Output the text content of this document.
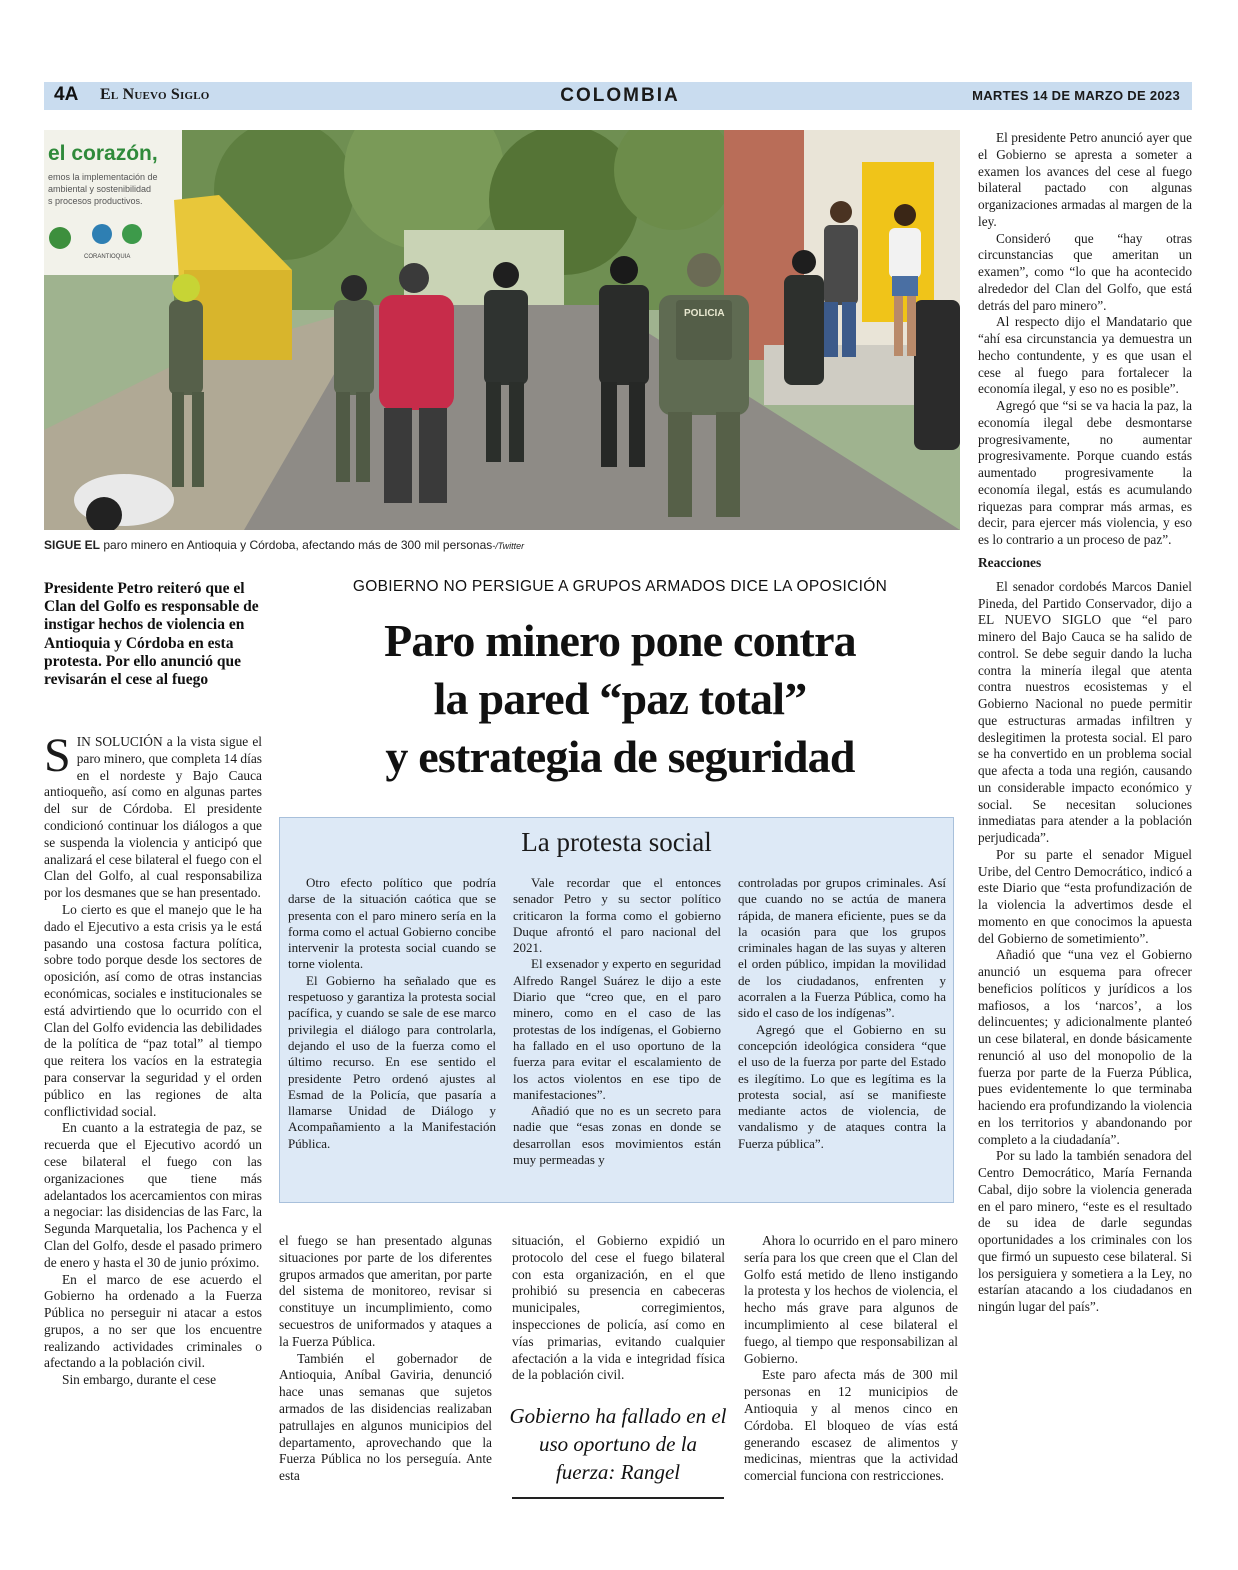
4A El Nuevo Siglo	COLOMBIA	MARTES 14 DE MARZO DE 2023
el corazón,
emos la implementación de
ambiental y sostenibilidad
s procesos productivos.
CORANTIOQUIA
POLICIA
SIGUE EL paro minero en Antioquia y Córdoba, afectando más de 300 mil personas-/Twitter
Presidente Petro reiteró que el Clan del Golfo es responsable de instigar hechos de violencia en Antioquia y Córdoba en esta protesta. Por ello anunció que revisarán el cese al fuego
GOBIERNO NO PERSIGUE A GRUPOS ARMADOS DICE LA OPOSICIÓN
Paro minero pone contra
la pared “paz total”
y estrategia de seguridad

SIN SOLUCIÓN a la vista sigue el paro minero, que completa 14 días en el nordeste y Bajo Cauca antioqueño, así como en algunas partes del sur de Córdoba. El presidente condicionó continuar los diálogos a que se suspenda la violencia y anticipó que analizará el cese bilateral el fuego con el Clan del Golfo, al cual responsabiliza por los desmanes que se han presentado.

Lo cierto es que el manejo que le ha dado el Ejecutivo a esta crisis ya le está pasando una costosa factura política, sobre todo porque desde los sectores de oposición, así como de otras instancias económicas, sociales e institucionales se está advirtiendo que lo ocurrido con el Clan del Golfo evidencia las debilidades de la política de “paz total” al tiempo que reitera los vacíos en la estrategia para conservar la seguridad y el orden público en las regiones de alta conflictividad social.

En cuanto a la estrategia de paz, se recuerda que el Ejecutivo acordó un cese bilateral el fuego con las organizaciones que tiene más adelantados los acercamientos con miras a negociar: las disidencias de las Farc, la Segunda Marquetalia, los Pachenca y el Clan del Golfo, desde el pasado primero de enero y hasta el 30 de junio próximo.

En el marco de ese acuerdo el Gobierno ha ordenado a la Fuerza Pública no perseguir ni atacar a estos grupos, a no ser que los encuentre realizando actividades criminales o afectando a la población civil.

Sin embargo, durante el cese

La protesta social

Otro efecto político que podría darse de la situación caótica que se presenta con el paro minero sería en la forma como el actual Gobierno concibe intervenir la protesta social cuando se torne violenta.

El Gobierno ha señalado que es respetuoso y garantiza la protesta social pacífica, y cuando se sale de ese marco privilegia el diálogo para controlarla, dejando el uso de la fuerza como el último recurso. En ese sentido el presidente Petro ordenó ajustes al Esmad de la Policía, que pasaría a llamarse Unidad de Diálogo y Acompañamiento a la Manifestación Pública.

Vale recordar que el entonces senador Petro y su sector político criticaron la forma como el gobierno Duque afrontó el paro nacional del 2021.

El exsenador y experto en seguridad Alfredo Rangel Suárez le dijo a este Diario que “creo que, en el paro minero, como en el caso de las protestas de los indígenas, el Gobierno ha fallado en el uso oportuno de la fuerza para evitar el escalamiento de los actos violentos en ese tipo de manifestaciones”.

Añadió que no es un secreto para nadie que “esas zonas en donde se desarrollan esos movimientos están muy permeadas y

controladas por grupos criminales. Así que cuando no se actúa de manera rápida, de manera eficiente, pues se da la ocasión para que los grupos criminales hagan de las suyas y alteren el orden público, impidan la movilidad de los ciudadanos, enfrenten y acorralen a la Fuerza Pública, como ha sido el caso de los indígenas”.

Agregó que el Gobierno en su concepción ideológica considera “que el uso de la fuerza por parte del Estado es ilegítimo. Lo que es legítima es la protesta social, así se manifieste mediante actos de violencia, de vandalismo y de ataques contra la Fuerza pública”.

el fuego se han presentado algunas situaciones por parte de los diferentes grupos armados que ameritan, por parte del sistema de monitoreo, revisar si constituye un incumplimiento, como secuestros de uniformados y ataques a la Fuerza Pública.

También el gobernador de Antioquia, Aníbal Gaviria, denunció hace unas semanas que sujetos armados de las disidencias realizaban patrullajes en algunos municipios del departamento, aprovechando que la Fuerza Pública no los perseguía. Ante esta

situación, el Gobierno expidió un protocolo del cese el fuego bilateral con esta organización, en el que prohibió su presencia en cabeceras municipales, corregimientos, inspecciones de policía, así como en vías primarias, evitando cualquier afectación a la vida e integridad física de la población civil.

Gobierno ha fallado en el uso oportuno de la fuerza: Rangel

Ahora lo ocurrido en el paro minero sería para los que creen que el Clan del Golfo está metido de lleno instigando la protesta y los hechos de violencia, el hecho más grave para algunos de incumplimiento al cese bilateral el fuego, al tiempo que responsabilizan al Gobierno.

Este paro afecta más de 300 mil personas en 12 municipios de Antioquia y al menos cinco en Córdoba. El bloqueo de vías está generando escasez de alimentos y medicinas, mientras que la actividad comercial funciona con restricciones.

El presidente Petro anunció ayer que el Gobierno se apresta a someter a examen los avances del cese al fuego bilateral pactado con algunas organizaciones armadas al margen de la ley.

Consideró que “hay otras circunstancias que ameritan un examen”, como “lo que ha acontecido alrededor del Clan del Golfo, que está detrás del paro minero”.

Al respecto dijo el Mandatario que “ahí esa circunstancia ya demuestra un hecho contundente, y es que usan el cese al fuego para fortalecer la economía ilegal, y eso no es posible”.

Agregó que “si se va hacia la paz, la economía ilegal debe desmontarse progresivamente, no aumentar progresivamente. Porque cuando estás aumentado progresivamente la economía ilegal, estás es acumulando riquezas para comprar más armas, es decir, para ejercer más violencia, y eso es lo contrario a un proceso de paz”.

Reacciones

El senador cordobés Marcos Daniel Pineda, del Partido Conservador, dijo a EL NUEVO SIGLO que “el paro minero del Bajo Cauca se ha salido de control. Se debe seguir dando la lucha contra la minería ilegal que atenta contra nuestros ecosistemas y el Gobierno Nacional no puede permitir que estructuras armadas infiltren y deslegitimen la protesta social. El paro se ha convertido en un problema social que afecta a toda una región, causando un considerable impacto económico y social. Se necesitan soluciones inmediatas para atender a la población perjudicada”.

Por su parte el senador Miguel Uribe, del Centro Democrático, indicó a este Diario que “esta profundización de la violencia la advertimos desde el momento en que conocimos la apuesta del Gobierno de sometimiento”.

Añadió que “una vez el Gobierno anunció un esquema para ofrecer beneficios políticos y jurídicos a los mafiosos, a los ‘narcos’, a los delincuentes; y adicionalmente planteó un cese bilateral, en donde básicamente renunció al uso del monopolio de la fuerza por parte de la Fuerza Pública, pues evidentemente lo que terminaba haciendo era profundizando la violencia en los territorios y abandonando por completo a la ciudadanía”.

Por su lado la también senadora del Centro Democrático, María Fernanda Cabal, dijo sobre la violencia generada en el paro minero, “este es el resultado de su idea de darle segundas oportunidades a los criminales con los que firmó un supuesto cese bilateral. Si los persiguiera y sometiera a la Ley, no estarían atacando a los ciudadanos en ningún lugar del país”.
